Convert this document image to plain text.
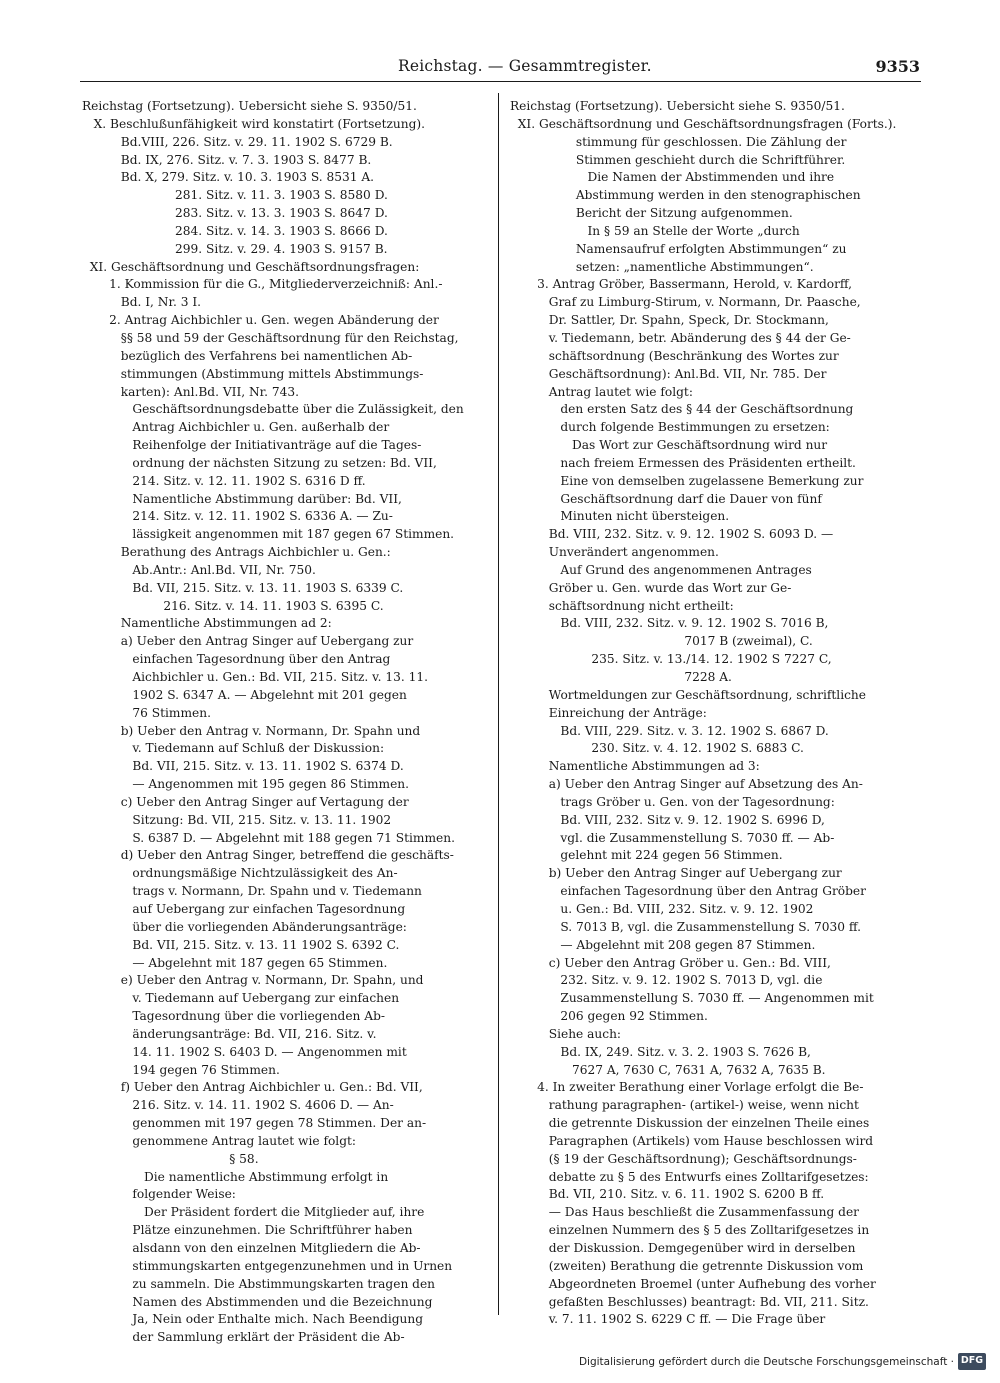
Reichstag. — Gesammtregister.	9353
Reichstag (Fortsetzung). Uebersicht siehe S. 9350/51.
X. Beschlußunfähigkeit wird konstatirt (Fortsetzung).
Bd.VIII, 226. Sitz. v. 29. 11. 1902 S. 6729 B.
Bd. IX, 276. Sitz. v. 7. 3. 1903 S. 8477 B.
Bd. X, 279. Sitz. v. 10. 3. 1903 S. 8531 A.
281. Sitz. v. 11. 3. 1903 S. 8580 D.
283. Sitz. v. 13. 3. 1903 S. 8647 D.
284. Sitz. v. 14. 3. 1903 S. 8666 D.
299. Sitz. v. 29. 4. 1903 S. 9157 B.
XI. Geschäftsordnung und Geschäftsordnungsfragen:
1. Kommission für die G., Mitgliederverzeichniß: Anl.-
Bd. I, Nr. 3 I.
2. Antrag Aichbichler u. Gen. wegen Abänderung der
§§ 58 und 59 der Geschäftsordnung für den Reichstag,
bezüglich des Verfahrens bei namentlichen Ab-
stimmungen (Abstimmung mittels Abstimmungs-
karten): Anl.Bd. VII, Nr. 743.
Geschäftsordnungsdebatte über die Zulässigkeit, den
Antrag Aichbichler u. Gen. außerhalb der
Reihenfolge der Initiativanträge auf die Tages-
ordnung der nächsten Sitzung zu setzen: Bd. VII,
214. Sitz. v. 12. 11. 1902 S. 6316 D ff.
Namentliche Abstimmung darüber: Bd. VII,
214. Sitz. v. 12. 11. 1902 S. 6336 A. — Zu-
lässigkeit angenommen mit 187 gegen 67 Stimmen.
Berathung des Antrags Aichbichler u. Gen.:
Ab.Antr.: Anl.Bd. VII, Nr. 750.
Bd. VII, 215. Sitz. v. 13. 11. 1903 S. 6339 C.
216. Sitz. v. 14. 11. 1903 S. 6395 C.
Namentliche Abstimmungen ad 2:
a) Ueber den Antrag Singer auf Uebergang zur
einfachen Tagesordnung über den Antrag
Aichbichler u. Gen.: Bd. VII, 215. Sitz. v. 13. 11.
1902 S. 6347 A. — Abgelehnt mit 201 gegen
76 Stimmen.
b) Ueber den Antrag v. Normann, Dr. Spahn und
v. Tiedemann auf Schluß der Diskussion:
Bd. VII, 215. Sitz. v. 13. 11. 1902 S. 6374 D.
— Angenommen mit 195 gegen 86 Stimmen.
c) Ueber den Antrag Singer auf Vertagung der
Sitzung: Bd. VII, 215. Sitz. v. 13. 11. 1902
S. 6387 D. — Abgelehnt mit 188 gegen 71 Stimmen.
d) Ueber den Antrag Singer, betreffend die geschäfts-
ordnungsmäßige Nichtzulässigkeit des An-
trags v. Normann, Dr. Spahn und v. Tiedemann
auf Uebergang zur einfachen Tagesordnung
über die vorliegenden Abänderungsanträge:
Bd. VII, 215. Sitz. v. 13. 11 1902 S. 6392 C.
— Abgelehnt mit 187 gegen 65 Stimmen.
e) Ueber den Antrag v. Normann, Dr. Spahn, und
v. Tiedemann auf Uebergang zur einfachen
Tagesordnung über die vorliegenden Ab-
änderungsanträge: Bd. VII, 216. Sitz. v.
14. 11. 1902 S. 6403 D. — Angenommen mit
194 gegen 76 Stimmen.
f) Ueber den Antrag Aichbichler u. Gen.: Bd. VII,
216. Sitz. v. 14. 11. 1902 S. 4606 D. — An-
genommen mit 197 gegen 78 Stimmen. Der an-
genommene Antrag lautet wie folgt:
§ 58.
Die namentliche Abstimmung erfolgt in
folgender Weise:
Der Präsident fordert die Mitglieder auf, ihre
Plätze einzunehmen. Die Schriftführer haben
alsdann von den einzelnen Mitgliedern die Ab-
stimmungskarten entgegenzunehmen und in Urnen
zu sammeln. Die Abstimmungskarten tragen den
Namen des Abstimmenden und die Bezeichnung
Ja, Nein oder Enthalte mich. Nach Beendigung
der Sammlung erklärt der Präsident die Ab-
Reichstag (Fortsetzung). Uebersicht siehe S. 9350/51.
XI. Geschäftsordnung und Geschäftsordnungsfragen (Forts.).
stimmung für geschlossen. Die Zählung der
Stimmen geschieht durch die Schriftführer.
Die Namen der Abstimmenden und ihre
Abstimmung werden in den stenographischen
Bericht der Sitzung aufgenommen.
In § 59 an Stelle der Worte „durch
Namensaufruf erfolgten Abstimmungen“ zu
setzen: „namentliche Abstimmungen“.
3. Antrag Gröber, Bassermann, Herold, v. Kardorff,
Graf zu Limburg-Stirum, v. Normann, Dr. Paasche,
Dr. Sattler, Dr. Spahn, Speck, Dr. Stockmann,
v. Tiedemann, betr. Abänderung des § 44 der Ge-
schäftsordnung (Beschränkung des Wortes zur
Geschäftsordnung): Anl.Bd. VII, Nr. 785. Der
Antrag lautet wie folgt:
den ersten Satz des § 44 der Geschäftsordnung
durch folgende Bestimmungen zu ersetzen:
Das Wort zur Geschäftsordnung wird nur
nach freiem Ermessen des Präsidenten ertheilt.
Eine von demselben zugelassene Bemerkung zur
Geschäftsordnung darf die Dauer von fünf
Minuten nicht übersteigen.
Bd. VIII, 232. Sitz. v. 9. 12. 1902 S. 6093 D. —
Unverändert angenommen.
Auf Grund des angenommenen Antrages
Gröber u. Gen. wurde das Wort zur Ge-
schäftsordnung nicht ertheilt:
Bd. VIII, 232. Sitz. v. 9. 12. 1902 S. 7016 B,
7017 B (zweimal), C.
235. Sitz. v. 13./14. 12. 1902 S 7227 C,
7228 A.
Wortmeldungen zur Geschäftsordnung, schriftliche
Einreichung der Anträge:
Bd. VIII, 229. Sitz. v. 3. 12. 1902 S. 6867 D.
230. Sitz. v. 4. 12. 1902 S. 6883 C.
Namentliche Abstimmungen ad 3:
a) Ueber den Antrag Singer auf Absetzung des An-
trags Gröber u. Gen. von der Tagesordnung:
Bd. VIII, 232. Sitz v. 9. 12. 1902 S. 6996 D,
vgl. die Zusammenstellung S. 7030 ff. — Ab-
gelehnt mit 224 gegen 56 Stimmen.
b) Ueber den Antrag Singer auf Uebergang zur
einfachen Tagesordnung über den Antrag Gröber
u. Gen.: Bd. VIII, 232. Sitz. v. 9. 12. 1902
S. 7013 B, vgl. die Zusammenstellung S. 7030 ff.
— Abgelehnt mit 208 gegen 87 Stimmen.
c) Ueber den Antrag Gröber u. Gen.: Bd. VIII,
232. Sitz. v. 9. 12. 1902 S. 7013 D, vgl. die
Zusammenstellung S. 7030 ff. — Angenommen mit
206 gegen 92 Stimmen.
Siehe auch:
Bd. IX, 249. Sitz. v. 3. 2. 1903 S. 7626 B,
7627 A, 7630 C, 7631 A, 7632 A, 7635 B.
4. In zweiter Berathung einer Vorlage erfolgt die Be-
rathung paragraphen- (artikel-) weise, wenn nicht
die getrennte Diskussion der einzelnen Theile eines
Paragraphen (Artikels) vom Hause beschlossen wird
(§ 19 der Geschäftsordnung); Geschäftsordnungs-
debatte zu § 5 des Entwurfs eines Zolltarifgesetzes:
Bd. VII, 210. Sitz. v. 6. 11. 1902 S. 6200 B ff.
— Das Haus beschließt die Zusammenfassung der
einzelnen Nummern des § 5 des Zolltarifgesetzes in
der Diskussion. Demgegenüber wird in derselben
(zweiten) Berathung die getrennte Diskussion vom
Abgeordneten Broemel (unter Aufhebung des vorher
gefaßten Beschlusses) beantragt: Bd. VII, 211. Sitz.
v. 7. 11. 1902 S. 6229 C ff. — Die Frage über
Digitalisierung gefördert durch die Deutsche Forschungsgemeinschaft · DFG
